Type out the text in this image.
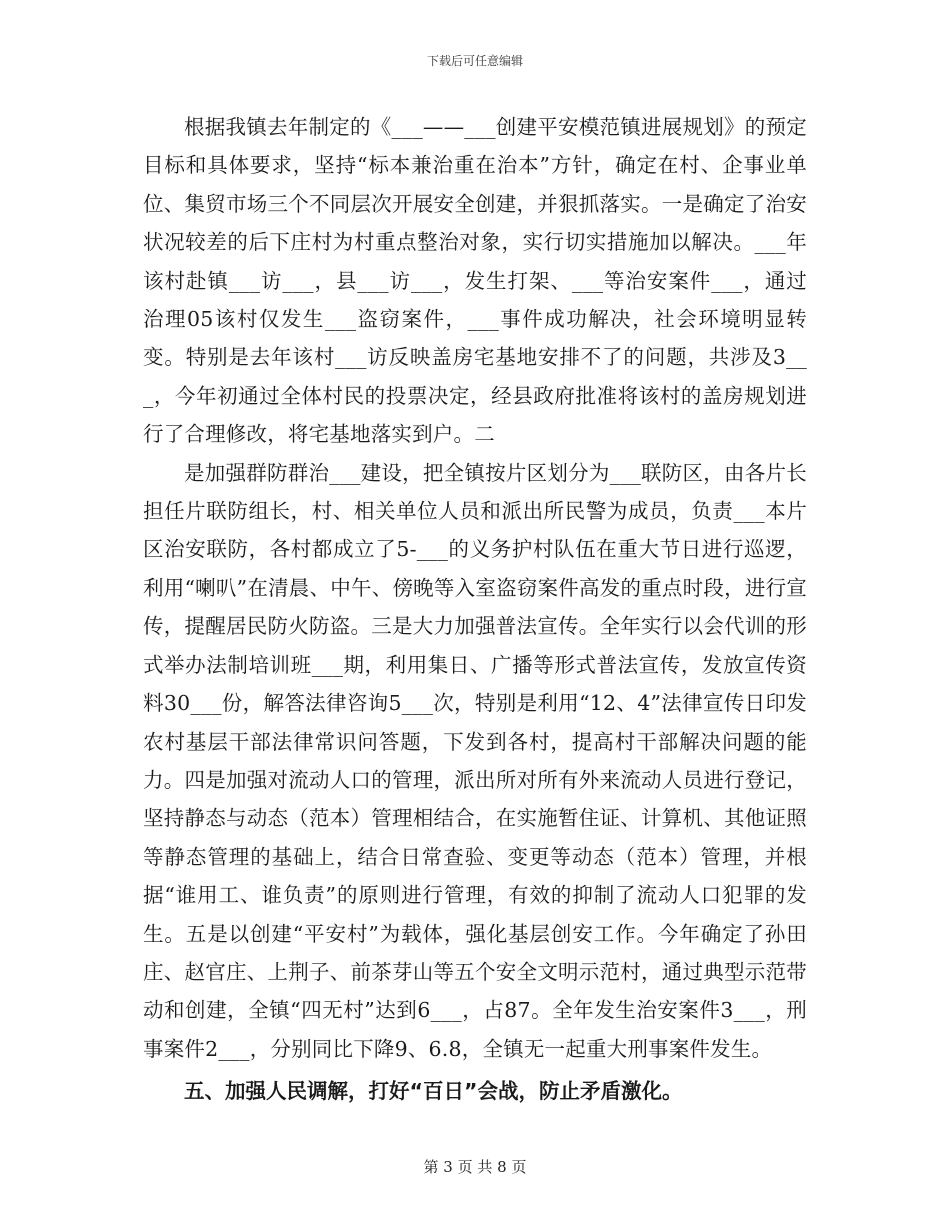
下载后可任意编辑

根据我镇去年制定的《___——___创建平安模范镇进展规划》的预定目标和具体要求，坚持“标本兼治重在治本”方针，确定在村、企事业单位、集贸市场三个不同层次开展安全创建，并狠抓落实。一是确定了治安状况较差的后下庄村为村重点整治对象，实行切实措施加以解决。___年该村赴镇___访___，县___访___，发生打架、___等治安案件___，通过治理05该村仅发生___盗窃案件，___事件成功解决，社会环境明显转变。特别是去年该村___访反映盖房宅基地安排不了的问题，共涉及3___，今年初通过全体村民的投票决定，经县政府批准将该村的盖房规划进行了合理修改，将宅基地落实到户。二

是加强群防群治___建设，把全镇按片区划分为___联防区，由各片长担任片联防组长，村、相关单位人员和派出所民警为成员，负责___本片区治安联防，各村都成立了5-___的义务护村队伍在重大节日进行巡逻，利用“喇叭”在清晨、中午、傍晚等入室盗窃案件高发的重点时段，进行宣传，提醒居民防火防盗。三是大力加强普法宣传。全年实行以会代训的形式举办法制培训班___期，利用集日、广播等形式普法宣传，发放宣传资料30___份，解答法律咨询5___次，特别是利用“12、4”法律宣传日印发农村基层干部法律常识问答题，下发到各村，提高村干部解决问题的能力。四是加强对流动人口的管理，派出所对所有外来流动人员进行登记，坚持静态与动态（范本）管理相结合，在实施暂住证、计算机、其他证照等静态管理的基础上，结合日常查验、变更等动态（范本）管理，并根据“谁用工、谁负责”的原则进行管理，有效的抑制了流动人口犯罪的发生。五是以创建“平安村”为载体，强化基层创安工作。今年确定了孙田庄、赵官庄、上荆子、前茶芽山等五个安全文明示范村，通过典型示范带动和创建，全镇“四无村”达到6___，占87。全年发生治安案件3___，刑事案件2___，分别同比下降9、6.8，全镇无一起重大刑事案件发生。

五、加强人民调解，打好“百日”会战，防止矛盾激化。

第 3 页 共 8 页
